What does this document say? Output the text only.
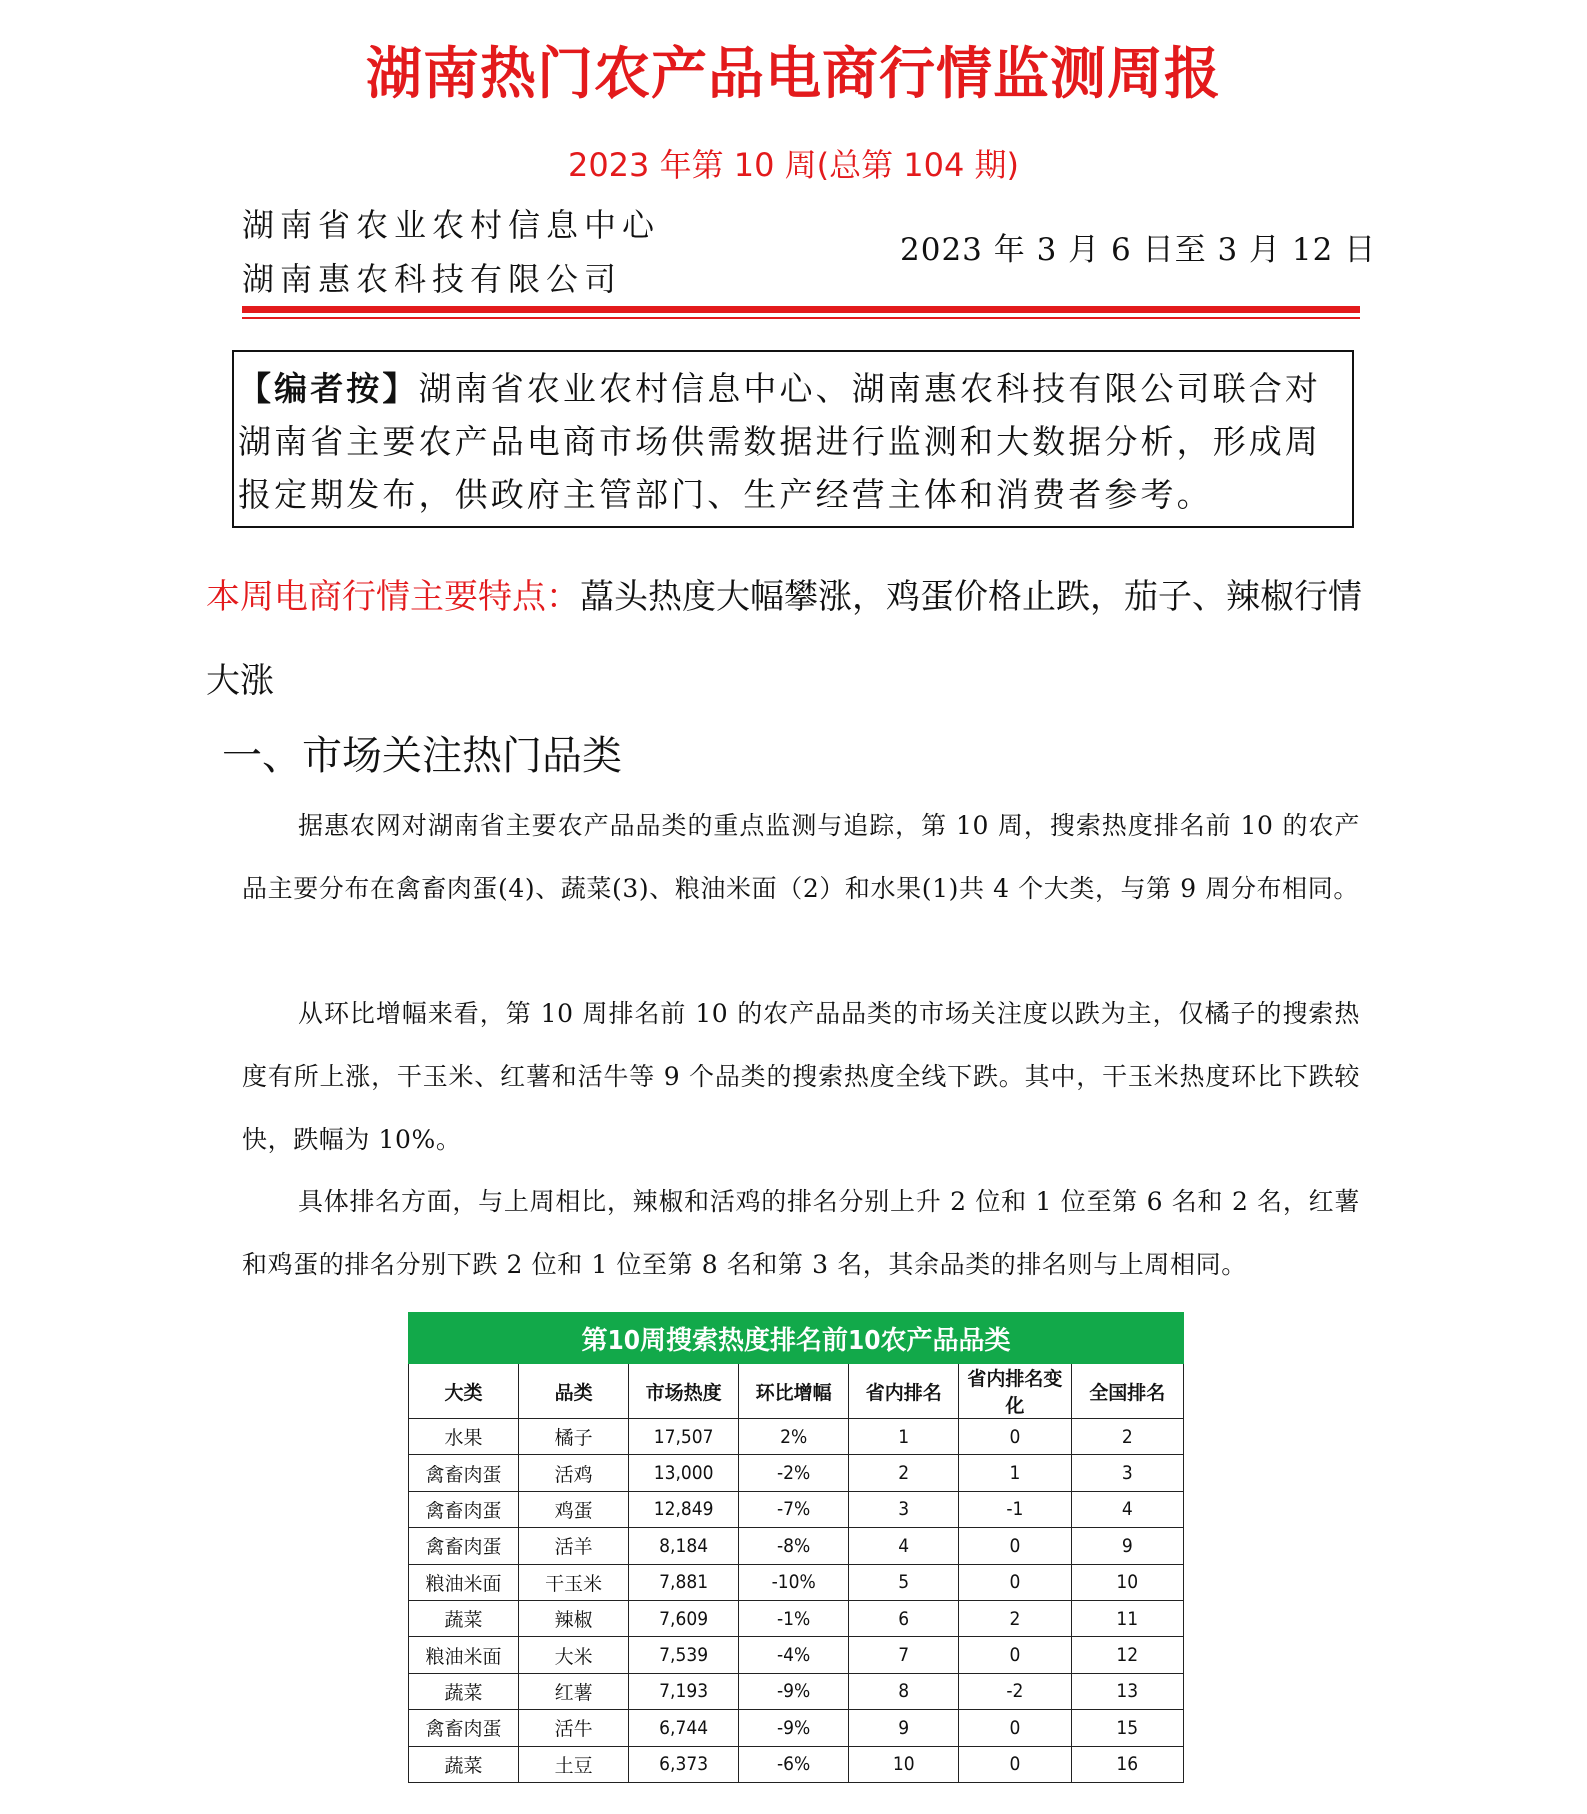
湖南热门农产品电商行情监测周报
2023 年第 10 周(总第 104 期)
湖南省农业农村信息中心
湖南惠农科技有限公司
2023 年 3 月 6 日至 3 月 12 日
【编者按】湖南省农业农村信息中心、湖南惠农科技有限公司联合对湖南省主要农产品电商市场供需数据进行监测和大数据分析，形成周报定期发布，供政府主管部门、生产经营主体和消费者参考。
本周电商行情主要特点：藠头热度大幅攀涨，鸡蛋价格止跌，茄子、辣椒行情大涨
一、市场关注热门品类
据惠农网对湖南省主要农产品品类的重点监测与追踪，第 10 周，搜索热度排名前 10 的农产品主要分布在禽畜肉蛋(4)、蔬菜(3)、粮油米面（2）和水果(1)共 4 个大类，与第 9 周分布相同。
从环比增幅来看，第 10 周排名前 10 的农产品品类的市场关注度以跌为主，仅橘子的搜索热度有所上涨，干玉米、红薯和活牛等 9 个品类的搜索热度全线下跌。其中，干玉米热度环比下跌较快，跌幅为 10%。
具体排名方面，与上周相比，辣椒和活鸡的排名分别上升 2 位和 1 位至第 6 名和 2 名，红薯和鸡蛋的排名分别下跌 2 位和 1 位至第 8 名和第 3 名，其余品类的排名则与上周相同。
第10周搜索热度排名前10农产品品类						
大类	品类	市场热度	环比增幅	省内排名	省内排名变化	全国排名
水果	橘子	17,507	2%	1	0	2
禽畜肉蛋	活鸡	13,000	-2%	2	1	3
禽畜肉蛋	鸡蛋	12,849	-7%	3	-1	4
禽畜肉蛋	活羊	8,184	-8%	4	0	9
粮油米面	干玉米	7,881	-10%	5	0	10
蔬菜	辣椒	7,609	-1%	6	2	11
粮油米面	大米	7,539	-4%	7	0	12
蔬菜	红薯	7,193	-9%	8	-2	13
禽畜肉蛋	活牛	6,744	-9%	9	0	15
蔬菜	土豆	6,373	-6%	10	0	16
